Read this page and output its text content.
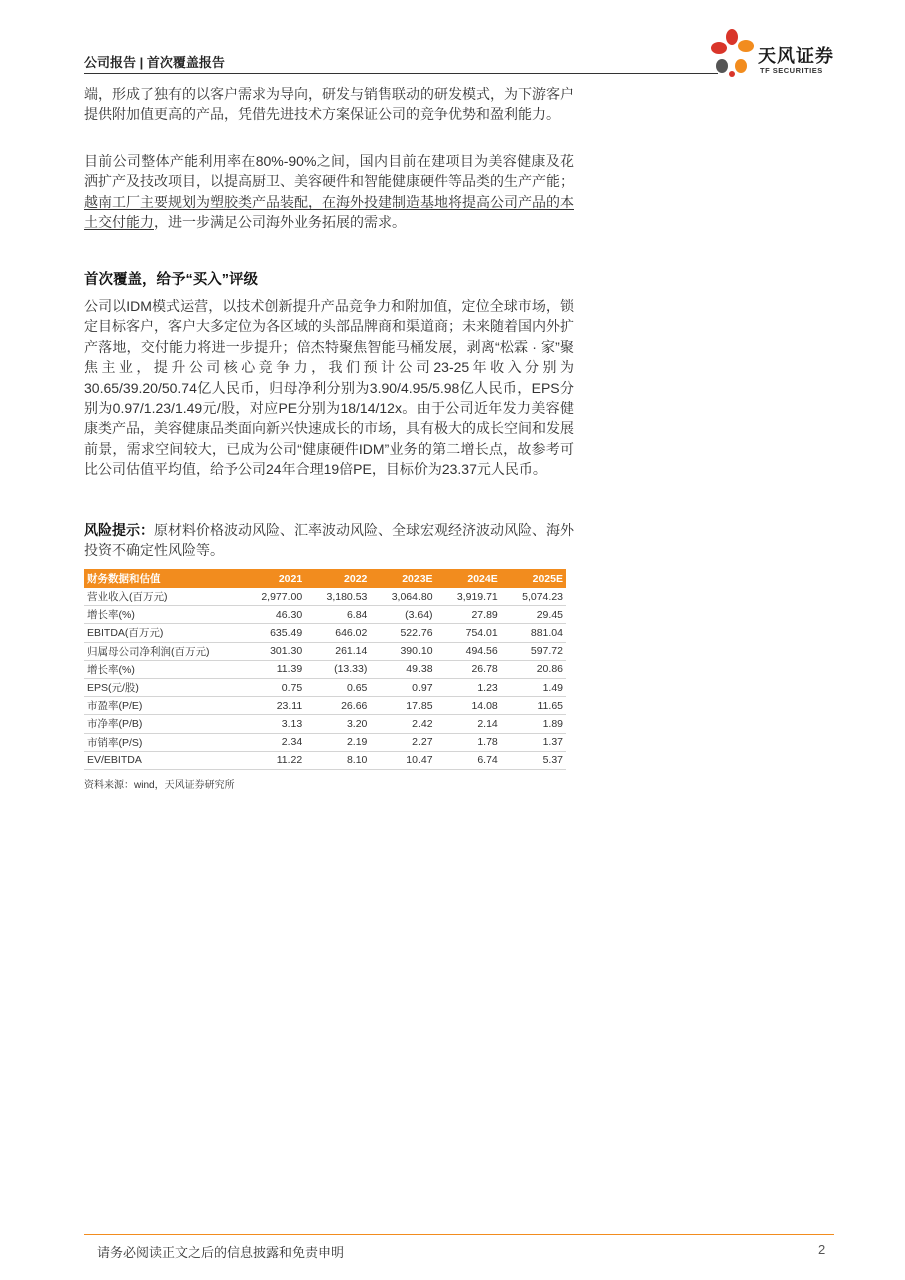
公司报告 | 首次覆盖报告	天风证券
TF SECURITIES

端，形成了独有的以客户需求为导向，研发与销售联动的研发模式，为下游客户提供附加值更高的产品，凭借先进技术方案保证公司的竞争优势和盈利能力。

目前公司整体产能利用率在80%-90%之间，国内目前在建项目为美容健康及花洒扩产及技改项目，以提高厨卫、美容硬件和智能健康硬件等品类的生产产能；越南工厂主要规划为塑胶类产品装配，在海外投建制造基地将提高公司产品的本土交付能力，进一步满足公司海外业务拓展的需求。

首次覆盖，给予“买入”评级

公司以IDM模式运营，以技术创新提升产品竞争力和附加值，定位全球市场，锁定目标客户，客户大多定位为各区域的头部品牌商和渠道商；未来随着国内外扩产落地，交付能力将进一步提升；倍杰特聚焦智能马桶发展，剥离“松霖 · 家”聚焦主业，提升公司核心竞争力，我们预计公司23-25年收入分别为30.65/39.20/50.74亿人民币，归母净利分别为3.90/4.95/5.98亿人民币，EPS分别为0.97/1.23/1.49元/股，对应PE分别为18/14/12x。由于公司近年发力美容健康类产品，美容健康品类面向新兴快速成长的市场，具有极大的成长空间和发展前景，需求空间较大，已成为公司“健康硬件IDM”业务的第二增长点，故参考可比公司估值平均值，给予公司24年合理19倍PE，目标价为23.37元人民币。

风险提示：原材料价格波动风险、汇率波动风险、全球宏观经济波动风险、海外投资不确定性风险等。

财务数据和估值	2021	2022	2023E	2024E	2025E
营业收入(百万元)	2,977.00	3,180.53	3,064.80	3,919.71	5,074.23
增长率(%)	46.30	6.84	(3.64)	27.89	29.45
EBITDA(百万元)	635.49	646.02	522.76	754.01	881.04
归属母公司净利润(百万元)	301.30	261.14	390.10	494.56	597.72
增长率(%)	11.39	(13.33)	49.38	26.78	20.86
EPS(元/股)	0.75	0.65	0.97	1.23	1.49
市盈率(P/E)	23.11	26.66	17.85	14.08	11.65
市净率(P/B)	3.13	3.20	2.42	2.14	1.89
市销率(P/S)	2.34	2.19	2.27	1.78	1.37
EV/EBITDA	11.22	8.10	10.47	6.74	5.37
资料来源：wind，天风证券研究所
请务必阅读正文之后的信息披露和免责申明	2
